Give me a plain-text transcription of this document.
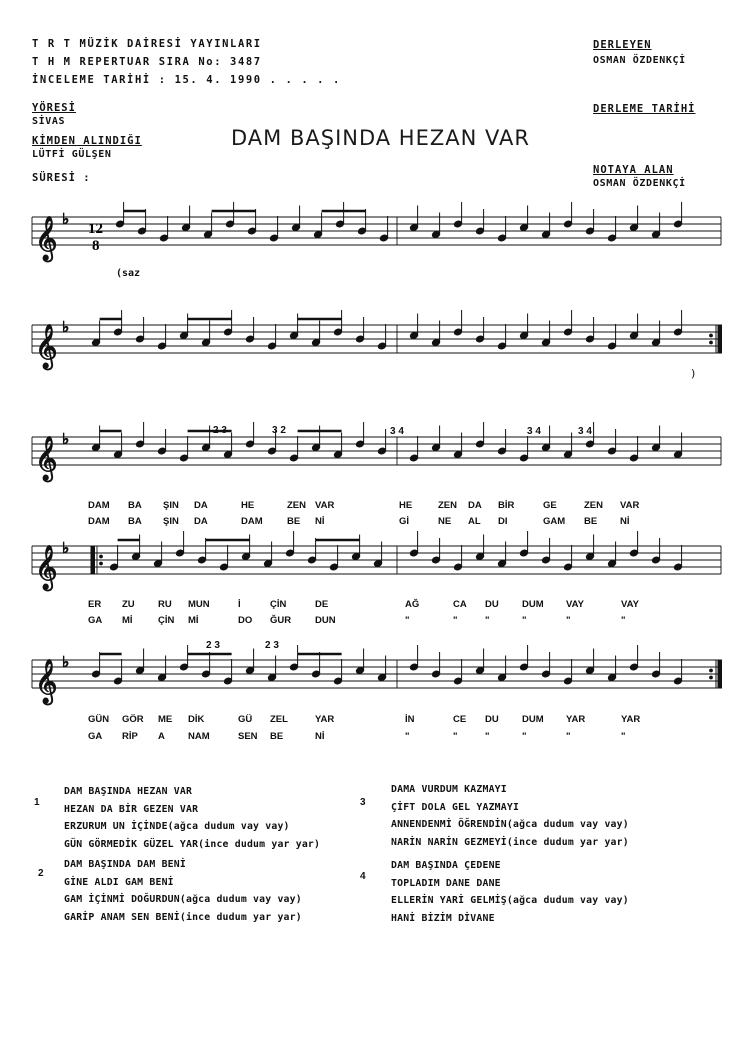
T R T MÜZİK DAİRESİ YAYINLARI
T H M REPERTUAR SIRA No: 3487
İNCELEME TARİHİ : 15. 4. 1990 . . . . .
DERLEYEN
OSMAN ÖZDENKÇİ
DERLEME TARİHİ
NOTAYA ALAN
OSMAN ÖZDENKÇİ
YÖRESİ
SİVAS
KİMDEN ALINDIĞI
LÜTFİ GÜLŞEN
SÜRESİ :
DAM BAŞINDA HEZAN VAR
𝄞 ♭
𝄞 ♭
𝄞 ♭
𝄞 ♭
𝄞 ♭
12
8
(saz
)
2 3	3 2	3 4	3 4	3 4
2 3	2 3
DAM BA ŞIN DA	HE	ZEN VAR	HE	ZEN DA BİR	GE	ZEN VAR
DAM BA ŞIN DA	DAM	BE Nİ	Gİ	NE AL DI	GAM BE Nİ
ER ZU RU MUN	İ	ÇİN	DE	AĞ	CA DU DUM VAY	VAY
GA Mİ	ÇİN Mİ	DO ĞUR	DUN	"	"	"	"	"	"
GÜN GÖR ME DİK	GÜ ZEL	YAR	İN	CE DU DUM YAR	YAR
GA RİP A NAM	SEN BE	Nİ	"	"	"	"	"	"
1
DAM BAŞINDA HEZAN VAR
HEZAN DA BİR GEZEN VAR
ERZURUM UN İÇİNDE(ağca dudum vay vay)
GÜN GÖRMEDİK GÜZEL YAR(ince dudum yar yar)
2
DAM BAŞINDA DAM BENİ
GİNE ALDI GAM BENİ
GAM İÇİNMİ DOĞURDUN(ağca dudum vay vay)
GARİP ANAM SEN BENİ(ince dudum yar yar)
3
DAMA VURDUM KAZMAYI
ÇİFT DOLA GEL YAZMAYI
ANNENDENMİ ÖĞRENDİN(ağca dudum vay vay)
NARİN NARİN GEZMEYİ(ince dudum yar yar)
4
DAM BAŞINDA ÇEDENE
TOPLADIM DANE DANE
ELLERİN YARİ GELMİŞ(ağca dudum vay vay)
HANİ BİZİM DİVANE
